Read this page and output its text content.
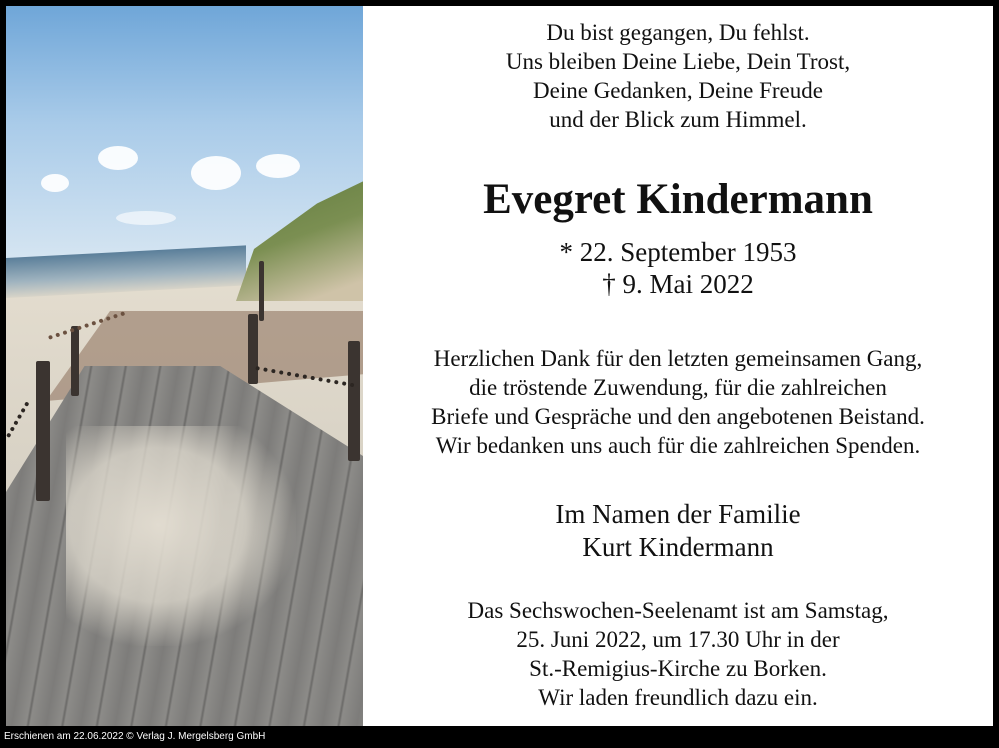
Du bist gegangen, Du fehlst.
Uns bleiben Deine Liebe, Dein Trost,
Deine Gedanken, Deine Freude
und der Blick zum Himmel.
Evegret Kindermann
* 22. September 1953
† 9. Mai 2022
Herzlichen Dank für den letzten gemeinsamen Gang,
die tröstende Zuwendung, für die zahlreichen
Briefe und Gespräche und den angebotenen Beistand.
Wir bedanken uns auch für die zahlreichen Spenden.
Im Namen der Familie
Kurt Kindermann
Das Sechswochen-Seelenamt ist am Samstag,
25. Juni 2022, um 17.30 Uhr in der
St.-Remigius-Kirche zu Borken.
Wir laden freundlich dazu ein.
Erschienen am 22.06.2022 © Verlag J. Mergelsberg GmbH
